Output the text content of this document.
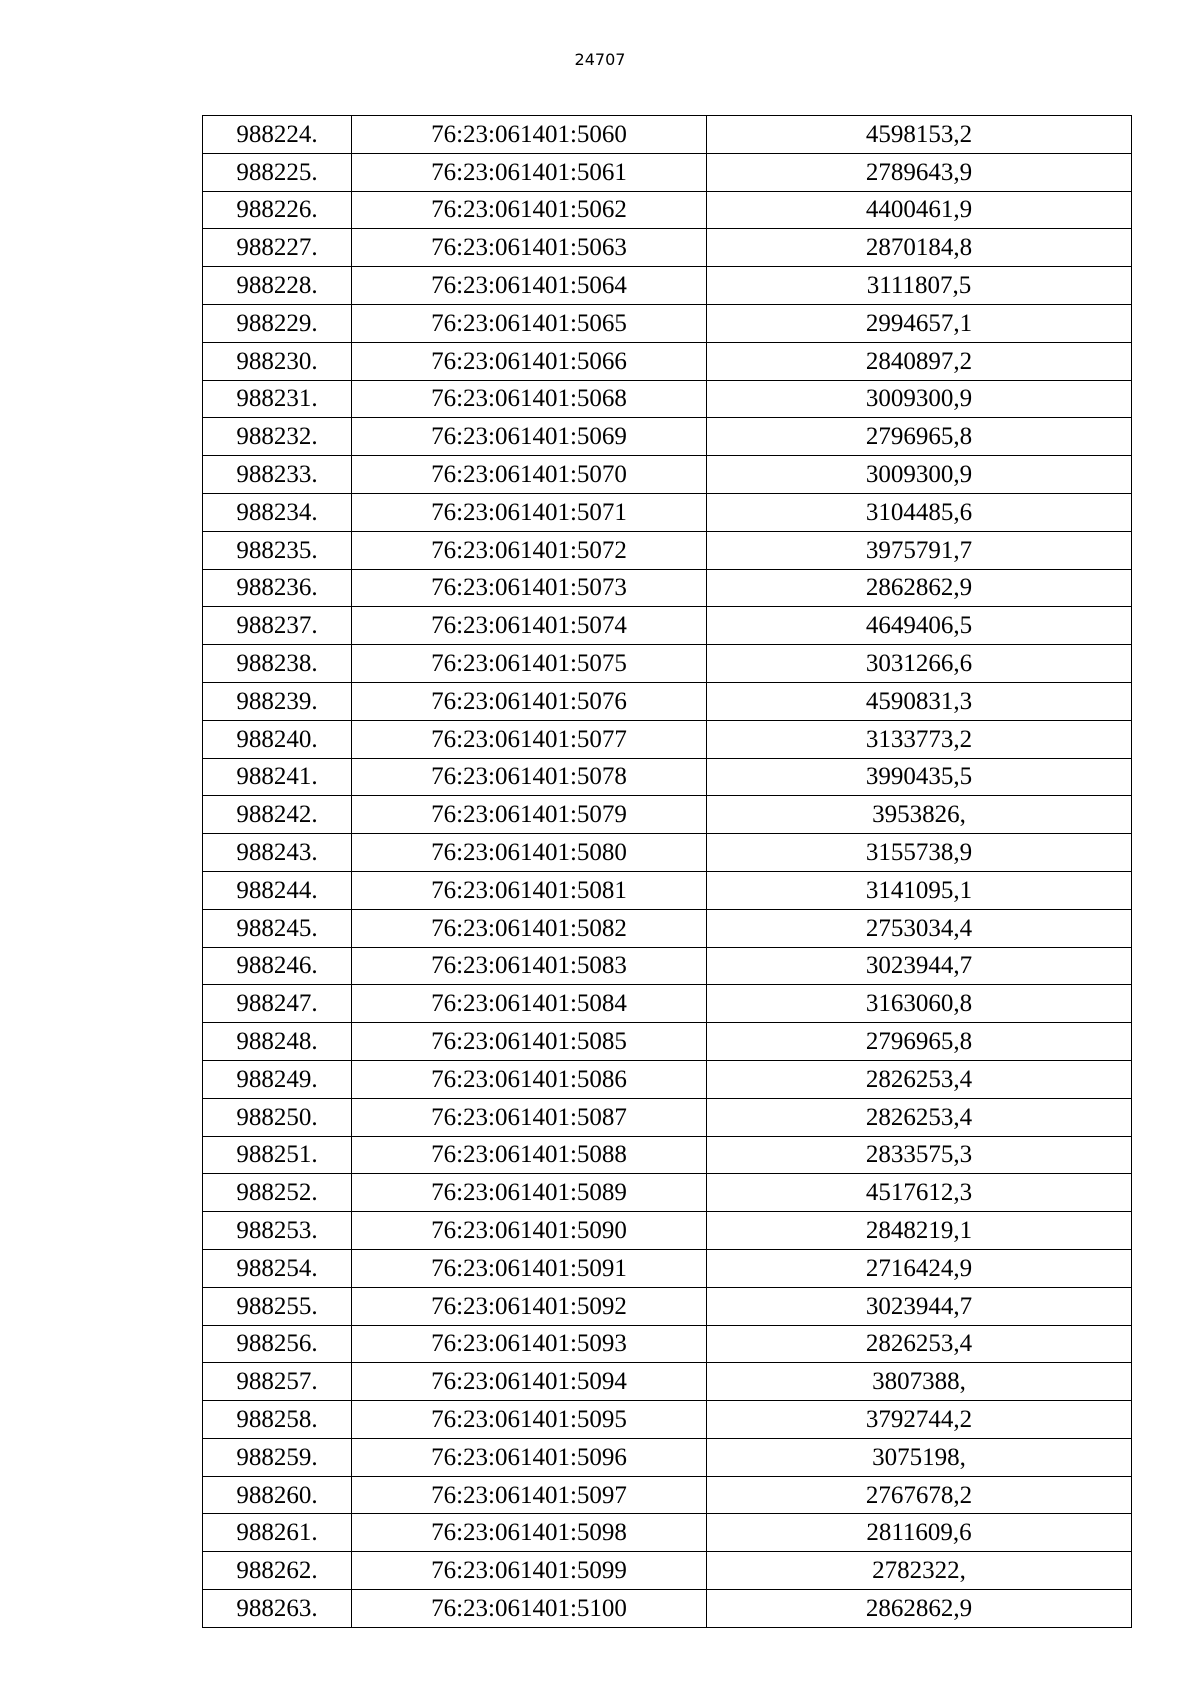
24707
988224.	76:23:061401:5060	4598153,2
988225.	76:23:061401:5061	2789643,9
988226.	76:23:061401:5062	4400461,9
988227.	76:23:061401:5063	2870184,8
988228.	76:23:061401:5064	3111807,5
988229.	76:23:061401:5065	2994657,1
988230.	76:23:061401:5066	2840897,2
988231.	76:23:061401:5068	3009300,9
988232.	76:23:061401:5069	2796965,8
988233.	76:23:061401:5070	3009300,9
988234.	76:23:061401:5071	3104485,6
988235.	76:23:061401:5072	3975791,7
988236.	76:23:061401:5073	2862862,9
988237.	76:23:061401:5074	4649406,5
988238.	76:23:061401:5075	3031266,6
988239.	76:23:061401:5076	4590831,3
988240.	76:23:061401:5077	3133773,2
988241.	76:23:061401:5078	3990435,5
988242.	76:23:061401:5079	3953826,
988243.	76:23:061401:5080	3155738,9
988244.	76:23:061401:5081	3141095,1
988245.	76:23:061401:5082	2753034,4
988246.	76:23:061401:5083	3023944,7
988247.	76:23:061401:5084	3163060,8
988248.	76:23:061401:5085	2796965,8
988249.	76:23:061401:5086	2826253,4
988250.	76:23:061401:5087	2826253,4
988251.	76:23:061401:5088	2833575,3
988252.	76:23:061401:5089	4517612,3
988253.	76:23:061401:5090	2848219,1
988254.	76:23:061401:5091	2716424,9
988255.	76:23:061401:5092	3023944,7
988256.	76:23:061401:5093	2826253,4
988257.	76:23:061401:5094	3807388,
988258.	76:23:061401:5095	3792744,2
988259.	76:23:061401:5096	3075198,
988260.	76:23:061401:5097	2767678,2
988261.	76:23:061401:5098	2811609,6
988262.	76:23:061401:5099	2782322,
988263.	76:23:061401:5100	2862862,9
